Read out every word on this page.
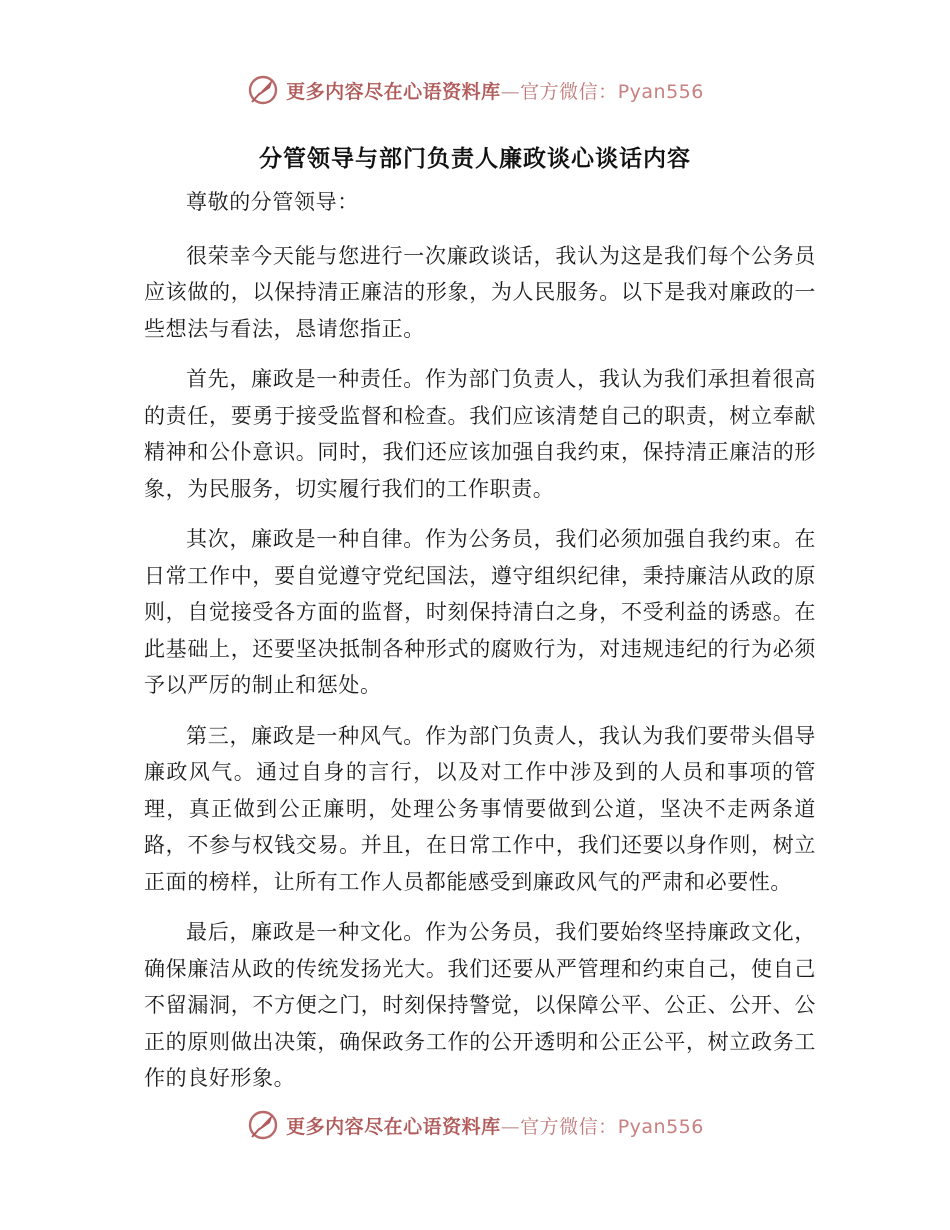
更多内容尽在心语资料库—官方微信：Pyan556
分管领导与部门负责人廉政谈心谈话内容

尊敬的分管领导：

很荣幸今天能与您进行一次廉政谈话，我认为这是我们每个公务员应该做的，以保持清正廉洁的形象，为人民服务。以下是我对廉政的一些想法与看法，恳请您指正。

首先，廉政是一种责任。作为部门负责人，我认为我们承担着很高的责任，要勇于接受监督和检查。我们应该清楚自己的职责，树立奉献精神和公仆意识。同时，我们还应该加强自我约束，保持清正廉洁的形象，为民服务，切实履行我们的工作职责。

其次，廉政是一种自律。作为公务员，我们必须加强自我约束。在日常工作中，要自觉遵守党纪国法，遵守组织纪律，秉持廉洁从政的原则，自觉接受各方面的监督，时刻保持清白之身，不受利益的诱惑。在此基础上，还要坚决抵制各种形式的腐败行为，对违规违纪的行为必须予以严厉的制止和惩处。

第三，廉政是一种风气。作为部门负责人，我认为我们要带头倡导廉政风气。通过自身的言行，以及对工作中涉及到的人员和事项的管理，真正做到公正廉明，处理公务事情要做到公道，坚决不走两条道路，不参与权钱交易。并且，在日常工作中，我们还要以身作则，树立正面的榜样，让所有工作人员都能感受到廉政风气的严肃和必要性。

最后，廉政是一种文化。作为公务员，我们要始终坚持廉政文化，确保廉洁从政的传统发扬光大。我们还要从严管理和约束自己，使自己不留漏洞，不方便之门，时刻保持警觉，以保障公平、公正、公开、公正的原则做出决策，确保政务工作的公开透明和公正公平，树立政务工作的良好形象。

更多内容尽在心语资料库—官方微信：Pyan556
